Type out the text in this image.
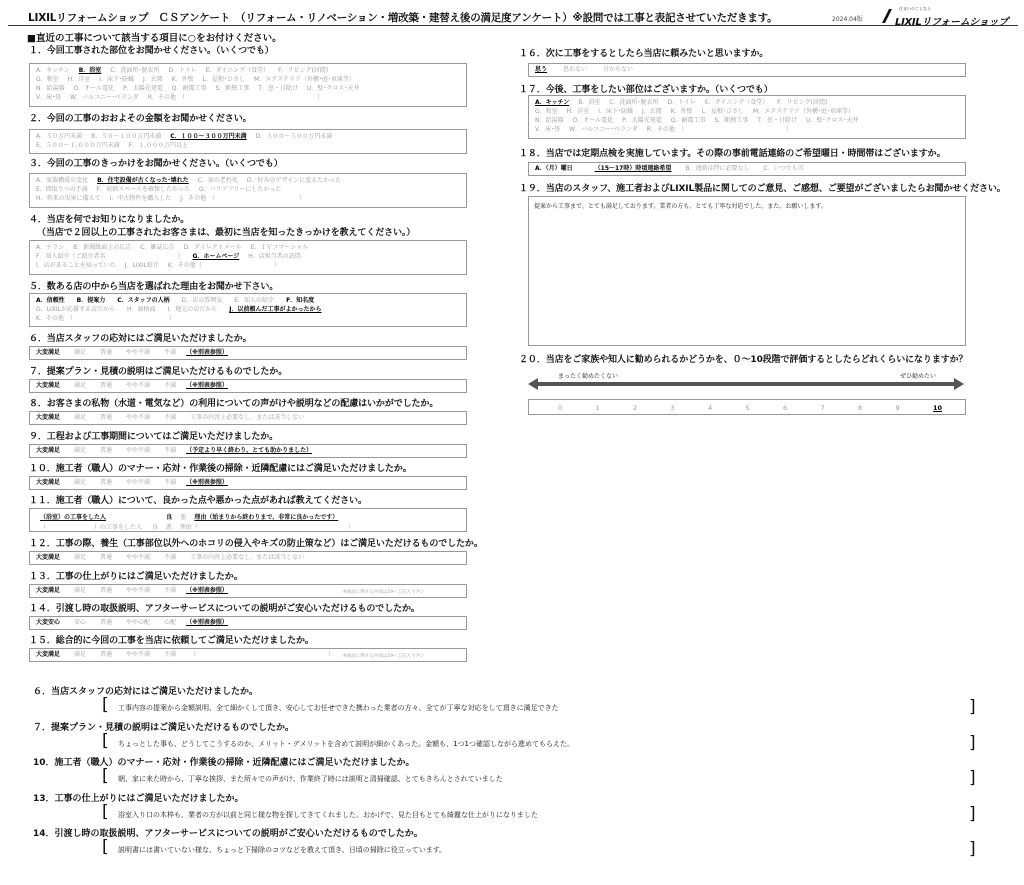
LIXILリフォームショップ　ＣＳアンケート　（リフォーム・リノベーション・増改築・建替え後の満足度アンケート）※設問では工事と表記させていただきます。	2024.04版
住まいのことなら
LIXILリフォームショップ
■直近の工事について該当する項目に○をお付けください。
１．今回工事された部位をお聞かせください。（いくつでも）
A．キッチン B．浴室 C．洗面所･脱衣所 D．トイレ E．ダイニング（食堂） F．リビング(居間)
G．和室 H．洋室 I．床下･防蟻 J．玄関 K．外壁 L．屋根･ひさし M．エクステリア（外構･庭･車庫等）
N．給湯器 O．オール電化 P．太陽光発電 Q．耐震工事 S．断熱工事 T．窓・日除け U．壁･クロス･天井
V．床･畳 W．バルコニー･ベランダ R．その他　（　　　　　　　　　　　　　　　　　　　　　　）
２．今回の工事のおおよその金額をお聞かせください。
A．５０万円未満 B．５０～１００万円未満 C．１００～３００万円未満 D．３００～５００万円未満
E．５００～１,０００万円未満 F．１,０００万円以上
３．今回の工事のきっかけをお聞かせください。（いくつでも）
A．家族構成の変化 B．住宅設備が古くなった･壊れた C．家の老朽化 D．好みのデザインに変えたかった
E．間取りへの不満 F．収納スペースを確保したかった G．バリアフリーにしたかった
H．将来の災害に備えて I．中古物件を購入した J．その他　（　　　　　　　　　　　　　　）
４．当店を何でお知りになりましたか。
（当店で２回以上の工事されたお客さまは、最初に当店を知ったきっかけを教えてください。）
A．チラシ B．新聞紙面上の広告 C．雑誌広告 D．ダイレクトメール E．ＴＶコマーシャル
F．知人紹介（ご紹介者名　　　　　　　　　　　　） G．ホームページ H．店担当者の訪問
I．店があることを知っていた J．LIXIL紹介 K．その他（　　　　　　　　　　　　）
５．数ある店の中から当店を選ばれた理由をお聞かせ下さい。
A．信頼性 B．提案力 C．スタッフの人柄 D．店の雰囲気 E．知人の紹介 F．知名度
G．LIXILが応援する店だから H．価格面 I．地元の店だから J．以前頼んだ工事がよかったから
K．その他　（　　　　　　　　　　　　　　　　）
６．当店スタッフの応対にはご満足いただけましたか。
大変満足 満足 普通 やや不満 不満 （※別表参照）
７．提案プラン・見積の説明はご満足いただけるものでしたか。
大変満足 満足 普通 やや不満 不満 （※別表参照）
８．お客さまの私物（水道・電気など）の利用についての声がけや説明などの配慮はいかがでしたか。
大変満足 満足 普通 やや不満 不満 工事の内容上必要なし、または該当しない
９．工程および工事期間についてはご満足いただけましたか。
大変満足 満足 普通 やや不満 不満 （予定より早く終わり、とても助かりました）
１０．施工者（職人）のマナー・応対・作業後の掃除・近隣配慮にはご満足いただけましたか。
大変満足 満足 普通 やや不満 不満 （※別表参照）
１１．施工者（職人）について、良かった点や悪かった点があれば教えてください。
（浴室）の工事をした人	良 悪 理由（始まりから終わりまで、非常に良かったです）
（　　　　　　　　）の工事をした人 良 悪 理由（　　　　　　　　　　　　　　　　　　　　　　　　　）
１２．工事の際、養生（工事部位以外へのホコリの侵入やキズの防止策など）はご満足いただけるものでしたか。
大変満足 満足 普通 やや不満 不満 工事の内容上必要なし、または該当しない
１３．工事の仕上がりにはご満足いただけましたか。
大変満足 満足 普通 やや不満 不満 （※別表参照）	※商品に関する内容は19へご記入下さい
１４．引渡し時の取扱説明、アフターサービスについての説明がご安心いただけるものでしたか。
大変安心 安心 普通 やや心配 心配 （※別表参照）
１５．総合的に今回の工事を当店に依頼してご満足いただけましたか。
大変満足 満足 普通 やや不満 不満 （　　　　　　　　　　　　　　　　　　　　　　）	※商品に関する内容は19へご記入下さい
１６．次に工事をするとしたら当店に頼みたいと思いますか。
思う	思わない	分からない
１７．今後、工事をしたい部位はございますか。（いくつでも）
A．キッチン B．浴室 C．洗面所･脱衣所 D．トイレ E．ダイニング（食堂） F．リビング(居間)
G．和室 H．洋室 I．床下･防蟻 J．玄関 K．外壁 L．屋根･ひさし M．エクステリア（外構･庭･車庫等）
N．給湯器 O．オール電化 P．太陽光発電 Q．耐震工事 S．断熱工事 T．窓・日除け U．壁･クロス･天井
V．床･畳 W．バルコニー･ベランダ R．その他　（　　　　　　　　　　　　　　　　　）
１８．当店では定期点検を実施しています。その際の事前電話連絡のご希望曜日・時間帯はございますか。
A．（月）曜日	（15～17時）時頃連絡希望 B．連絡は特に必要なし C．いつでも可
１９．当店のスタッフ、施工者およびLIXIL製品に関してのご意見、ご感想、ご要望がございましたらお聞かせください。
提案から工事まで、とても満足しております。業者の方も、とても丁寧な対応でした。また、お願いします。
２０．当店をご家族や知人に勧められるかどうかを、０～10段階で評価するとしたらどれくらいになりますか？
まったく勧めたくない	ぜひ勧めたい
0	1	2	3	4	5	6	7	8	9	10
６．当店スタッフの応対にはご満足いただけましたか。
[ 工事内容の提案から金額説明、全て細かくして頂き、安心してお任せできた携わった業者の方々、全てが丁寧な対応をして頂きに満足できた	]
７．提案プラン・見積の説明はご満足いただけるものでしたか。
[ ちょっとした事も、どうしてこうするのか、メリット・デメリットを含めて説明が細かくあった。金額も、1つ1つ確認しながら進めてもらえた。	]
10．施工者（職人）のマナー・応対・作業後の掃除・近隣配慮にはご満足いただけましたか。
[ 朝、家に来た時から、丁寧な挨拶、また所々での声がけ、作業終了時には説明と清掃確認、とてもきちんとされていました	]
13．工事の仕上がりにはご満足いただけましたか。
[ 浴室入り口の木枠も、業者の方が以前と同じ様な物を探してきてくれました。おかげで、見た目もとても綺麗な仕上がりになりました	]
14．引渡し時の取扱説明、アフターサービスについての説明がご安心いただけるものでしたか。
[ 説明書には書いていない様な、ちょっと下掃除のコツなどを教えて頂き、日頃の掃除に役立っています。	]
